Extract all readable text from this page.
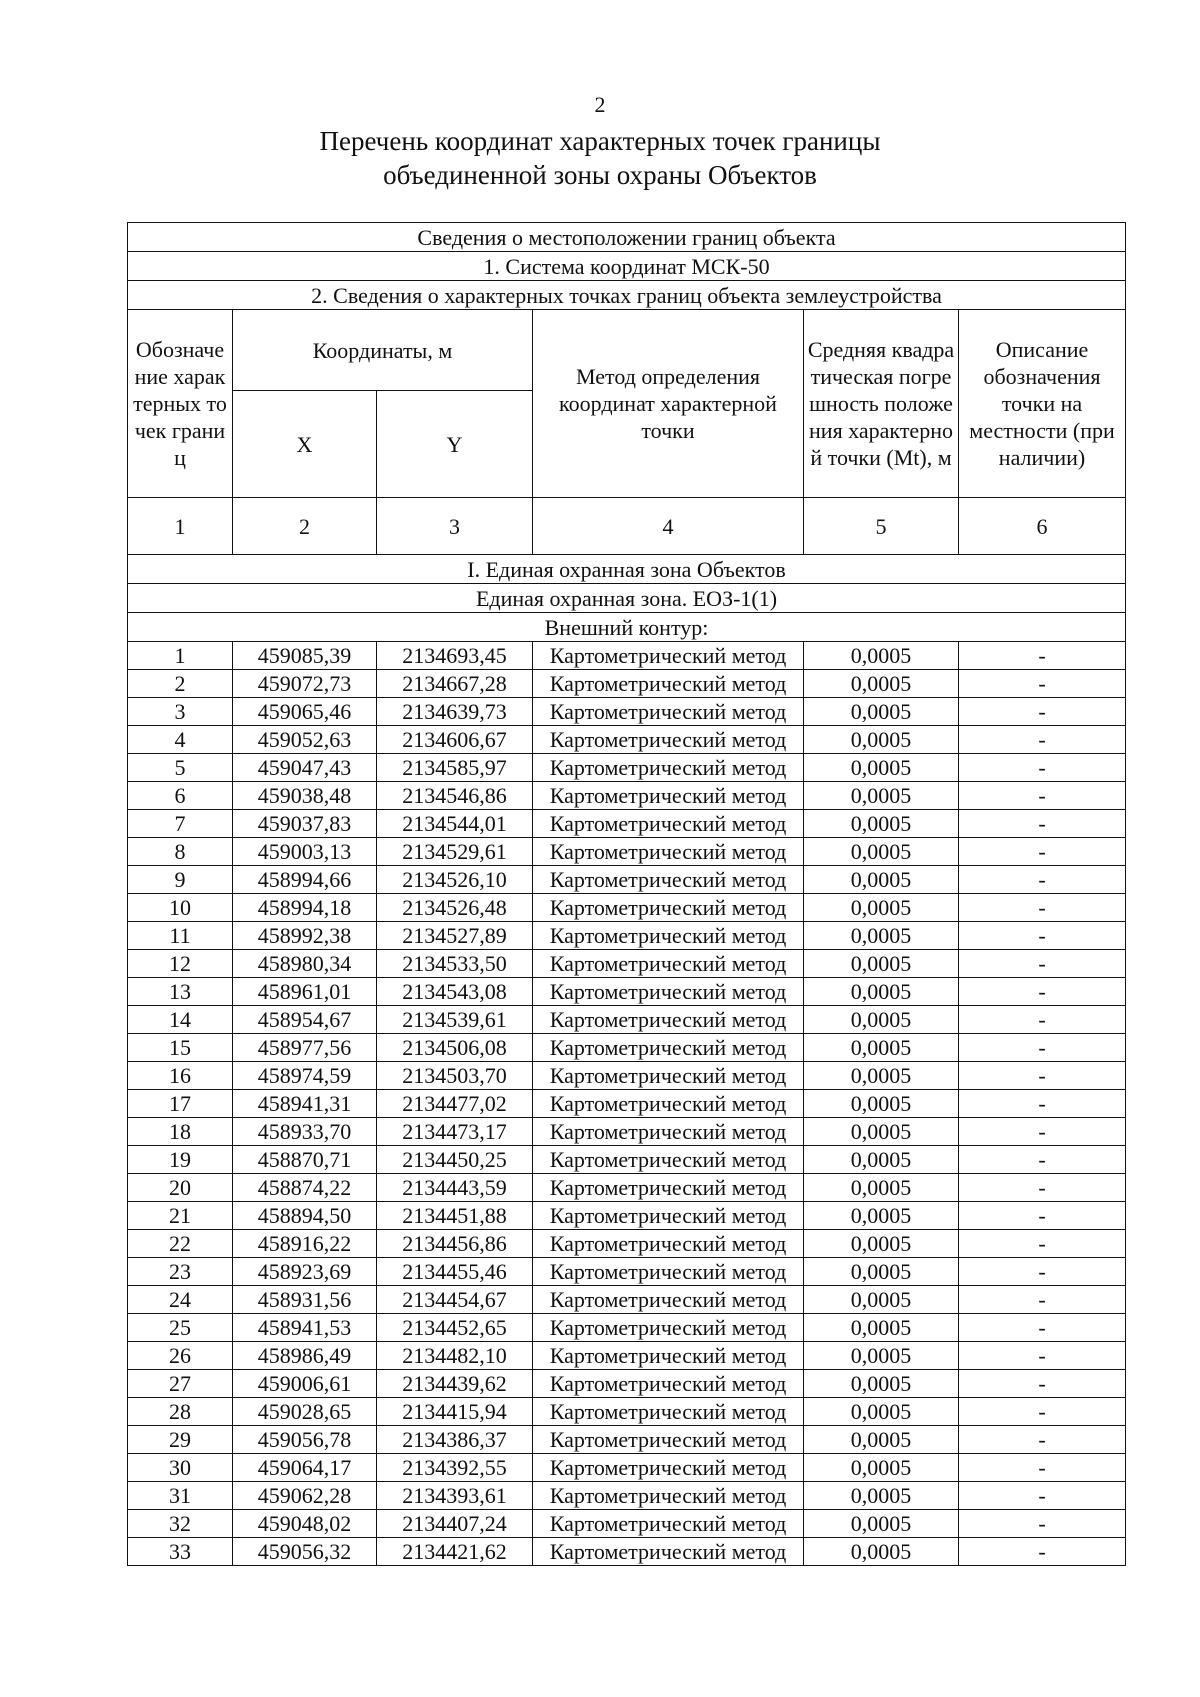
2
Перечень координат характерных точек границы
объединенной зоны охраны Объектов
Сведения о местоположении границ объекта					
1. Система координат МСК-50					
2. Сведения о характерных точках границ объекта землеустройства					
Обозначение характерных точек границ	Координаты, м		Метод определения координат характерной точки	Средняя квадратическая погрешность положения характерной точки (Mt), м	Описание обозначения точки на местности (при наличии)
	X	Y			
1	2	3	4	5	6
I. Единая охранная зона Объектов					
Единая охранная зона. ЕОЗ-1(1)					
Внешний контур:					
1	459085,39	2134693,45	Картометрический метод	0,0005	-
2	459072,73	2134667,28	Картометрический метод	0,0005	-
3	459065,46	2134639,73	Картометрический метод	0,0005	-
4	459052,63	2134606,67	Картометрический метод	0,0005	-
5	459047,43	2134585,97	Картометрический метод	0,0005	-
6	459038,48	2134546,86	Картометрический метод	0,0005	-
7	459037,83	2134544,01	Картометрический метод	0,0005	-
8	459003,13	2134529,61	Картометрический метод	0,0005	-
9	458994,66	2134526,10	Картометрический метод	0,0005	-
10	458994,18	2134526,48	Картометрический метод	0,0005	-
11	458992,38	2134527,89	Картометрический метод	0,0005	-
12	458980,34	2134533,50	Картометрический метод	0,0005	-
13	458961,01	2134543,08	Картометрический метод	0,0005	-
14	458954,67	2134539,61	Картометрический метод	0,0005	-
15	458977,56	2134506,08	Картометрический метод	0,0005	-
16	458974,59	2134503,70	Картометрический метод	0,0005	-
17	458941,31	2134477,02	Картометрический метод	0,0005	-
18	458933,70	2134473,17	Картометрический метод	0,0005	-
19	458870,71	2134450,25	Картометрический метод	0,0005	-
20	458874,22	2134443,59	Картометрический метод	0,0005	-
21	458894,50	2134451,88	Картометрический метод	0,0005	-
22	458916,22	2134456,86	Картометрический метод	0,0005	-
23	458923,69	2134455,46	Картометрический метод	0,0005	-
24	458931,56	2134454,67	Картометрический метод	0,0005	-
25	458941,53	2134452,65	Картометрический метод	0,0005	-
26	458986,49	2134482,10	Картометрический метод	0,0005	-
27	459006,61	2134439,62	Картометрический метод	0,0005	-
28	459028,65	2134415,94	Картометрический метод	0,0005	-
29	459056,78	2134386,37	Картометрический метод	0,0005	-
30	459064,17	2134392,55	Картометрический метод	0,0005	-
31	459062,28	2134393,61	Картометрический метод	0,0005	-
32	459048,02	2134407,24	Картометрический метод	0,0005	-
33	459056,32	2134421,62	Картометрический метод	0,0005	-
